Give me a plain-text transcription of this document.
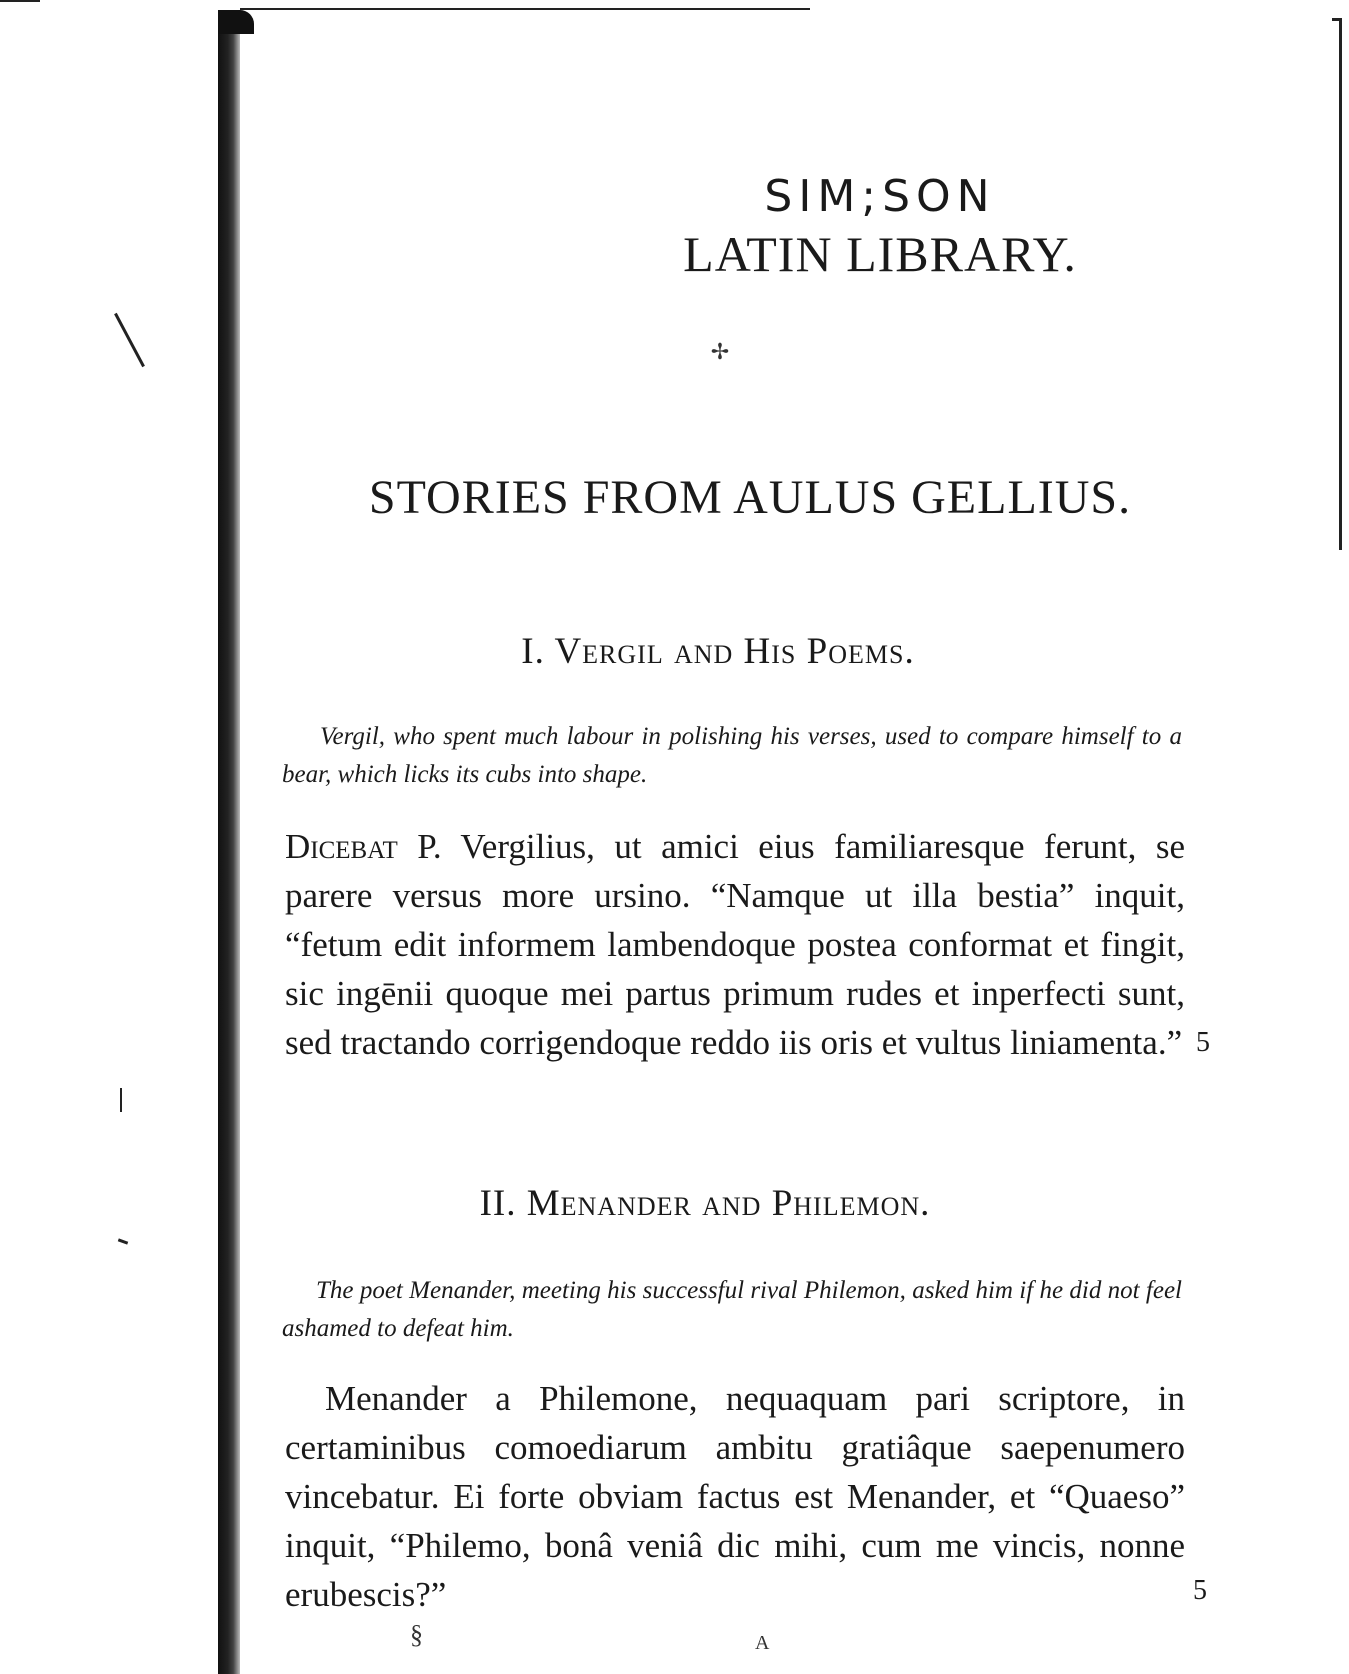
SIM;SON
LATIN LIBRARY.
✢
STORIES FROM AULUS GELLIUS.
I. Vergil and His Poems.
Vergil, who spent much labour in polishing his verses, used to compare himself to a bear, which licks its cubs into shape.
Dicebat P. Vergilius, ut amici eius familiaresque ferunt, se parere versus more ursino. “Namque ut illa bestia” inquit, “fetum edit informem lambendoque postea conformat et fingit, sic ingēnii quoque mei partus primum rudes et inperfecti sunt, sed tractando corrigendoque reddo iis oris et vultus liniamenta.” 5
II. Menander and Philemon.
The poet Menander, meeting his successful rival Philemon, asked him if he did not feel ashamed to defeat him.
Menander a Philemone, nequaquam pari scriptore, in certaminibus comoediarum ambitu gratiâque saepenumero vincebatur. Ei forte obviam factus est Menander, et “Quaeso” inquit, “Philemo, bonâ veniâ dic mihi, cum me vincis, nonne erubescis?”	5
§	A
